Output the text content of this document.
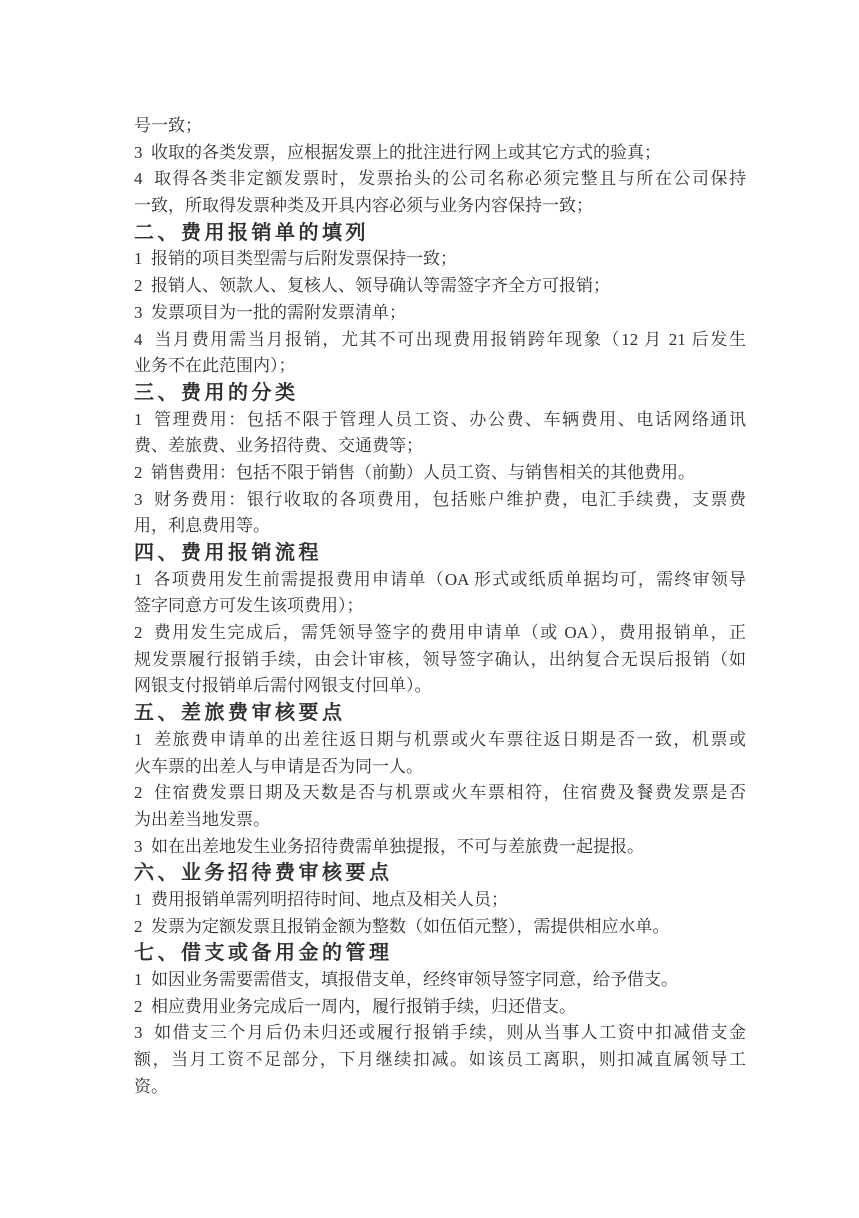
号一致；
3  收取的各类发票，应根据发票上的批注进行网上或其它方式的验真；
4  取得各类非定额发票时，发票抬头的公司名称必须完整且与所在公司保持
一致，所取得发票种类及开具内容必须与业务内容保持一致；
二、费用报销单的填列
1  报销的项目类型需与后附发票保持一致；
2  报销人、领款人、复核人、领导确认等需签字齐全方可报销；
3  发票项目为一批的需附发票清单；
4  当月费用需当月报销，尤其不可出现费用报销跨年现象（12 月 21 后发生
业务不在此范围内）；
三、费用的分类
1  管理费用：包括不限于管理人员工资、办公费、车辆费用、电话网络通讯
费、差旅费、业务招待费、交通费等；
2  销售费用：包括不限于销售（前勤）人员工资、与销售相关的其他费用。
3  财务费用：银行收取的各项费用，包括账户维护费，电汇手续费，支票费
用，利息费用等。
四、费用报销流程
1  各项费用发生前需提报费用申请单（OA 形式或纸质单据均可，需终审领导
签字同意方可发生该项费用）；
2  费用发生完成后，需凭领导签字的费用申请单（或 OA），费用报销单，正
规发票履行报销手续，由会计审核，领导签字确认，出纳复合无误后报销（如
网银支付报销单后需付网银支付回单）。
五、差旅费审核要点
1  差旅费申请单的出差往返日期与机票或火车票往返日期是否一致，机票或
火车票的出差人与申请是否为同一人。
2  住宿费发票日期及天数是否与机票或火车票相符，住宿费及餐费发票是否
为出差当地发票。
3  如在出差地发生业务招待费需单独提报，不可与差旅费一起提报。
六、业务招待费审核要点
1  费用报销单需列明招待时间、地点及相关人员；
2  发票为定额发票且报销金额为整数（如伍佰元整），需提供相应水单。
七、借支或备用金的管理
1  如因业务需要需借支，填报借支单，经终审领导签字同意，给予借支。
2  相应费用业务完成后一周内，履行报销手续，归还借支。
3  如借支三个月后仍未归还或履行报销手续，则从当事人工资中扣减借支金
额，当月工资不足部分，下月继续扣减。如该员工离职，则扣减直属领导工
资。
